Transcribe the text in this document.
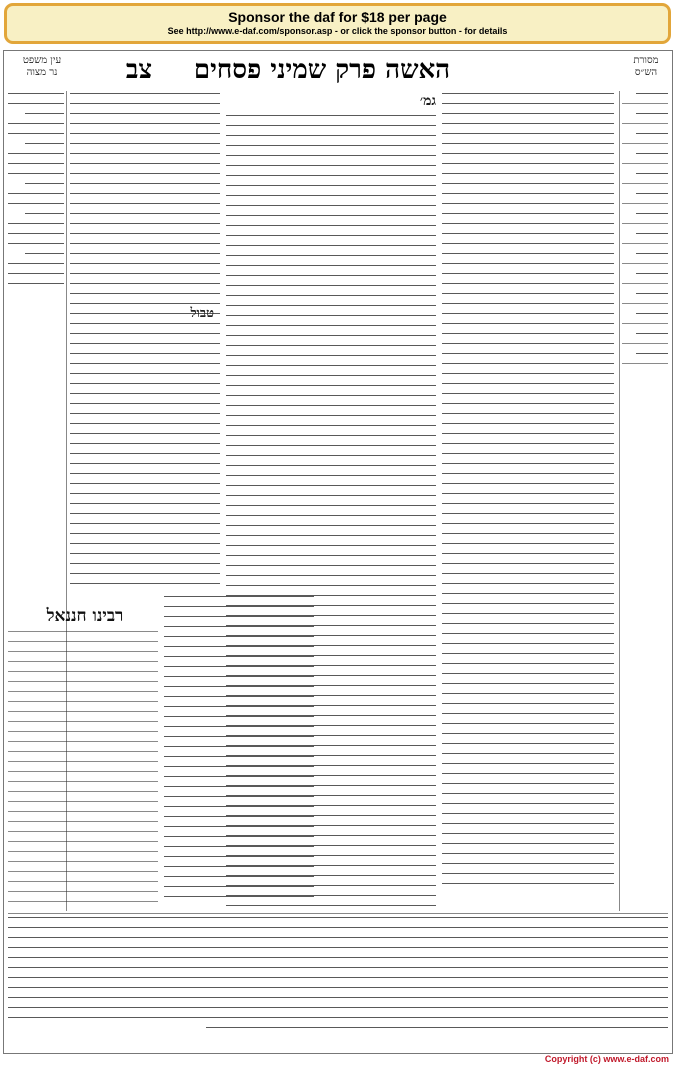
Sponsor the daf for $18 per page
See http://www.e-daf.com/sponsor.asp - or click the sponsor button - for details
מסורת
הש״ס
האשה פרק שמיני פסחים
צב
עין משפט
נר מצוה
רבינו חננאל
גמ׳
טבול
Copyright (c) www.e-daf.com
